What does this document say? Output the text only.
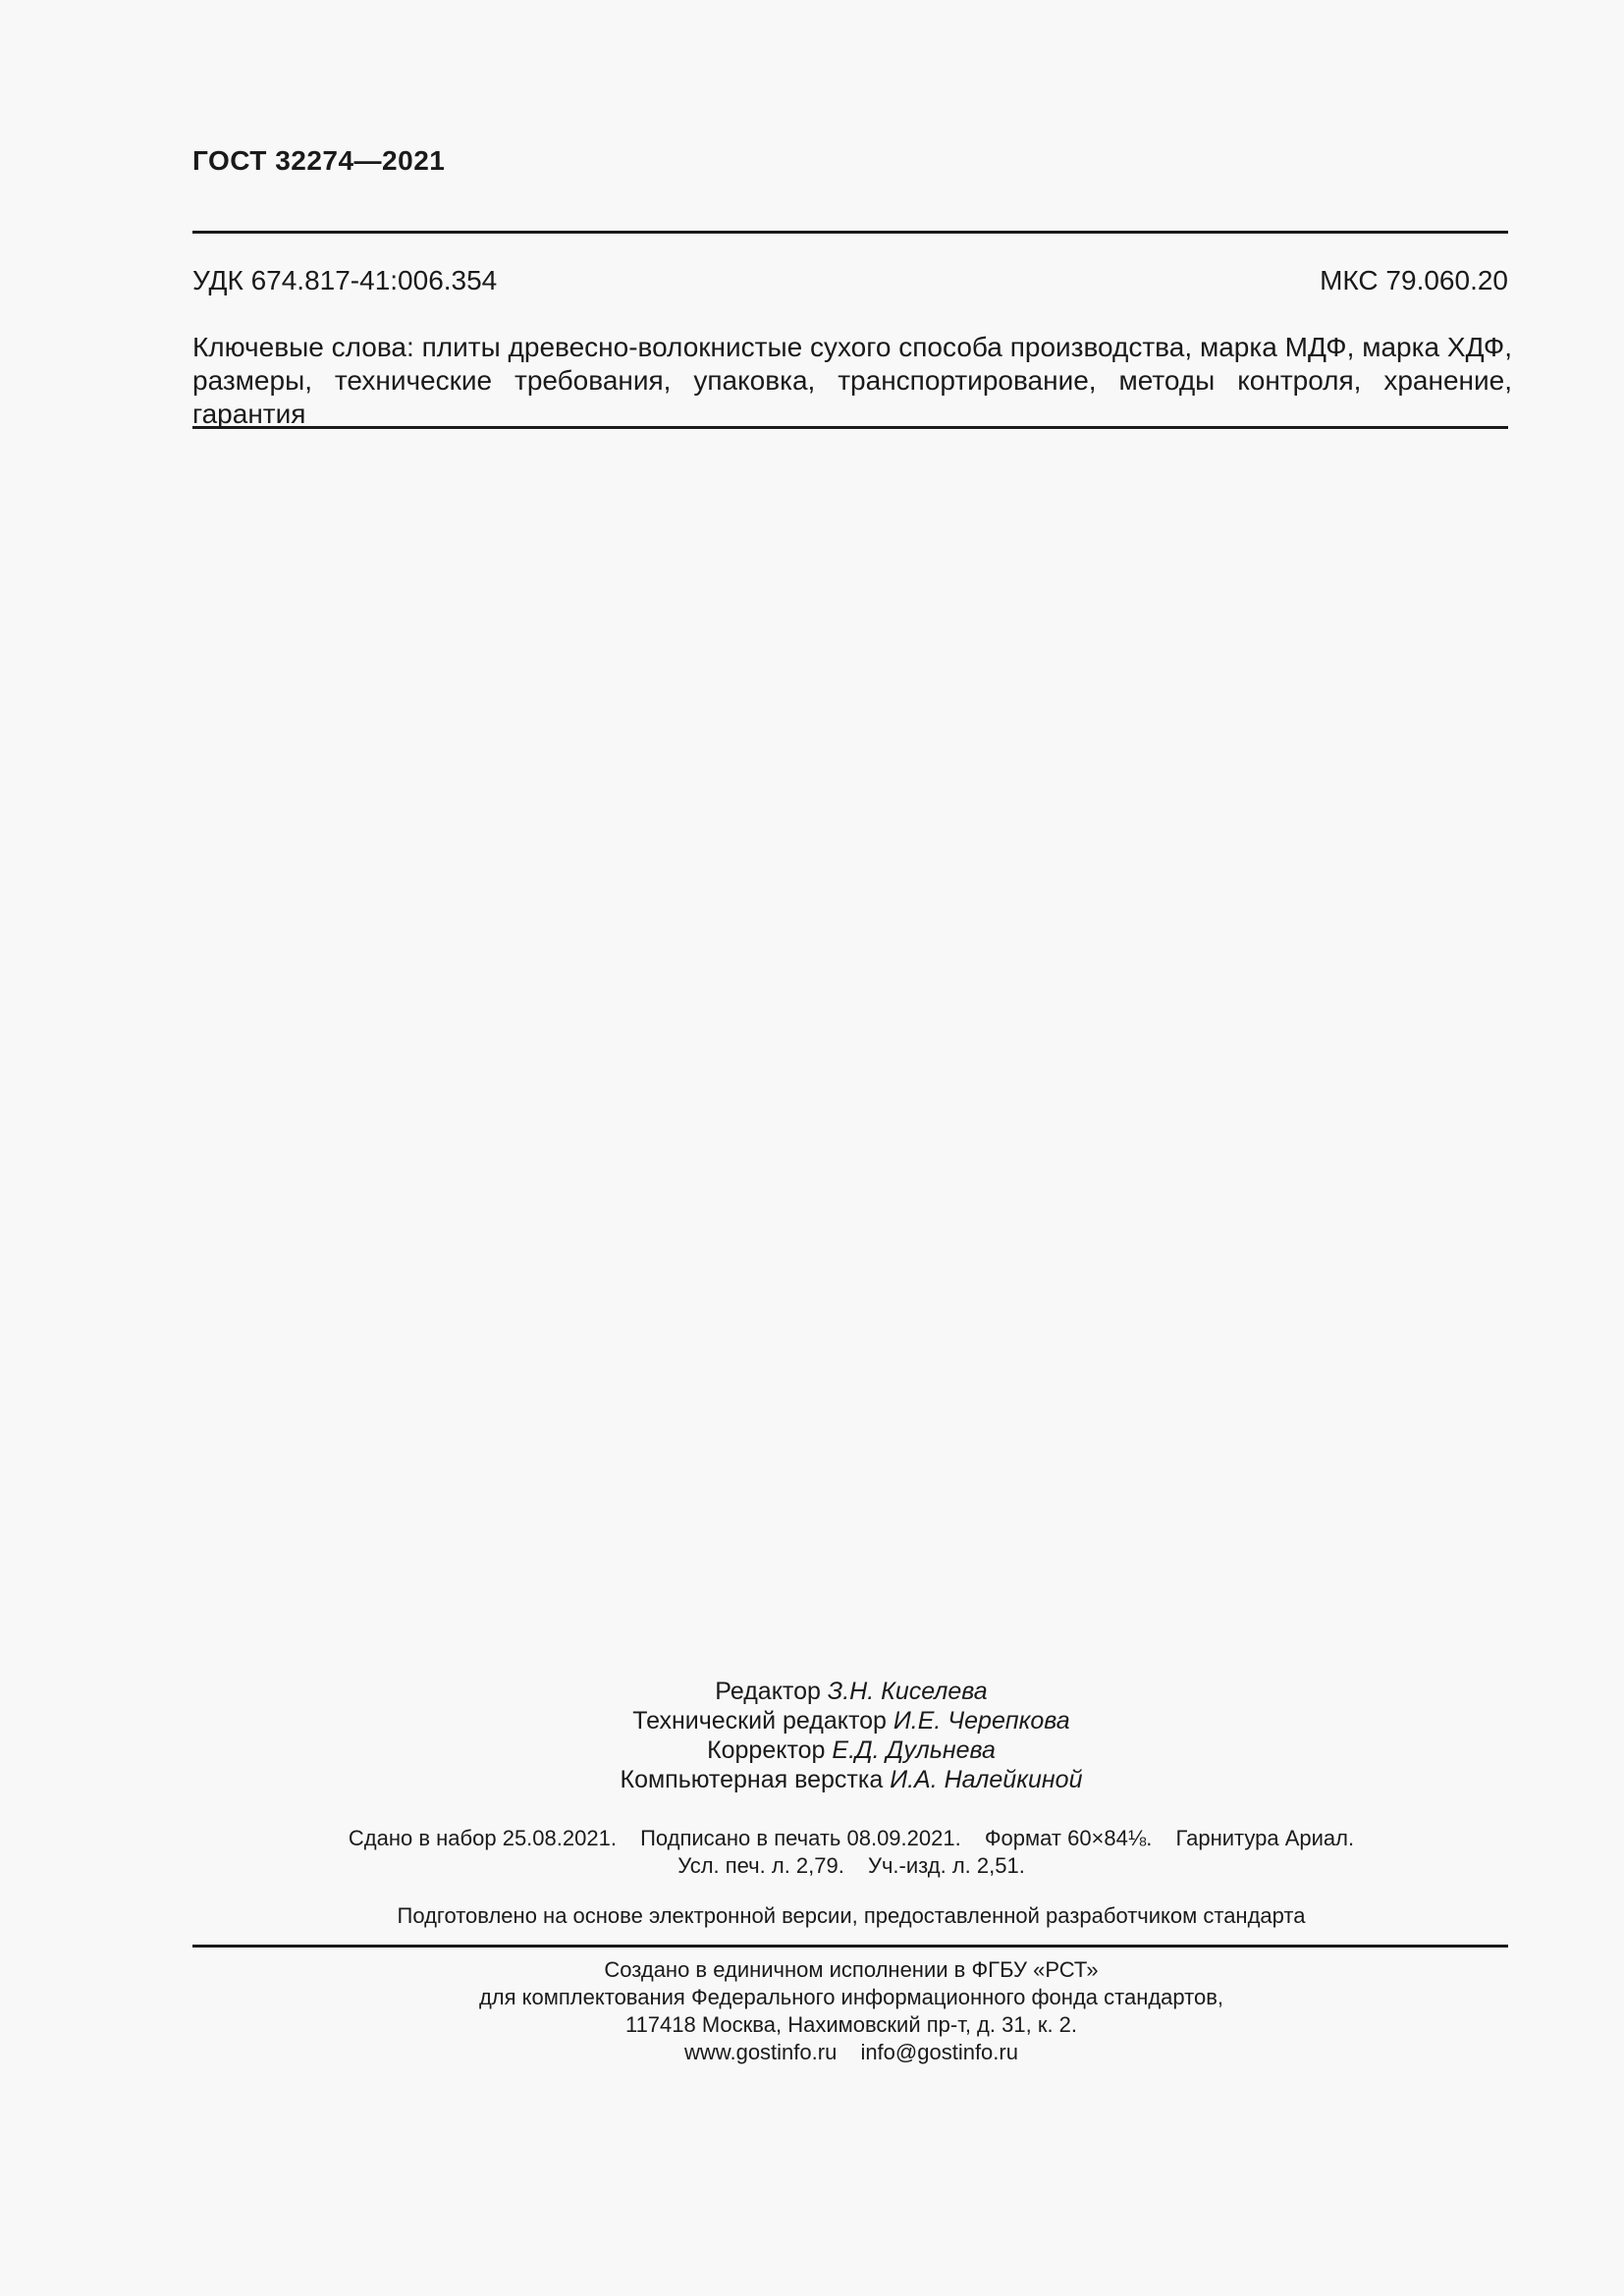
ГОСТ 32274—2021
УДК 674.817-41:006.354	МКС 79.060.20
Ключевые слова: плиты древесно-волокнистые сухого способа производства, марка МДФ, марка ХДФ, размеры, технические требования, упаковка, транспортирование, методы контроля, хранение, гарантия
Редактор З.Н. Киселева
Технический редактор И.Е. Черепкова
Корректор Е.Д. Дульнева
Компьютерная верстка И.А. Налейкиной
Сдано в набор 25.08.2021. Подписано в печать 08.09.2021. Формат 60×84⅛. Гарнитура Ариал.
Усл. печ. л. 2,79. Уч.-изд. л. 2,51.
Подготовлено на основе электронной версии, предоставленной разработчиком стандарта
Создано в единичном исполнении в ФГБУ «РСТ»
для комплектования Федерального информационного фонда стандартов,
117418 Москва, Нахимовский пр-т, д. 31, к. 2.
www.gostinfo.ru info@gostinfo.ru
